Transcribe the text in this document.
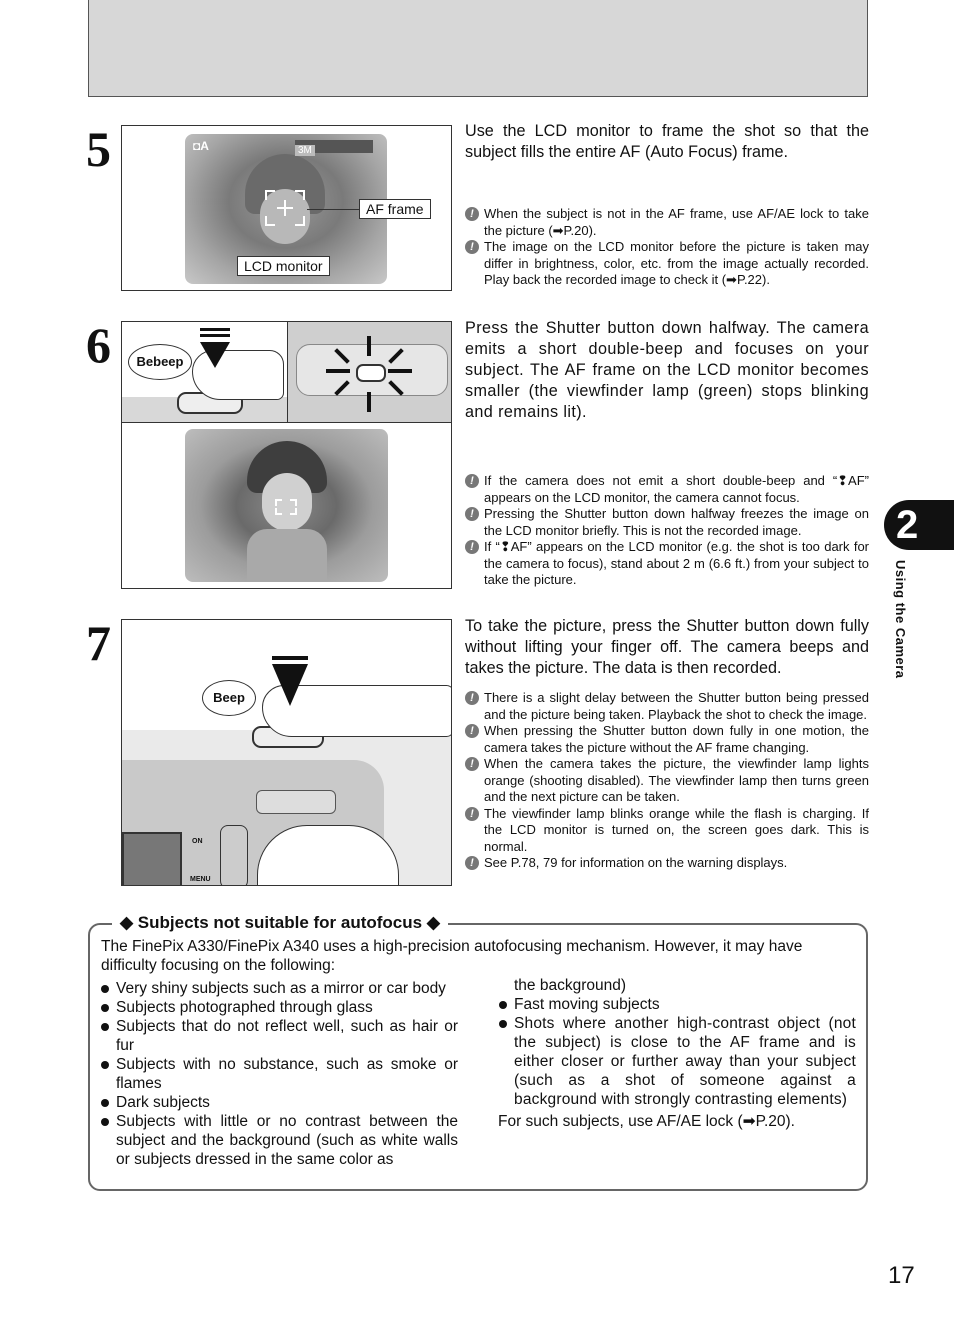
5	◘A	3M
AF frame
LCD monitor
Use the LCD monitor to frame the shot so that the subject fills the entire AF (Auto Focus) frame.
! When the subject is not in the AF frame, use AF/AE lock to take the picture (➡P.20).
! The image on the LCD monitor before the picture is taken may differ in brightness, color, etc. from the image actually recorded. Play back the recorded image to check it (➡P.22).
6	Bebeep
Press the Shutter button down halfway. The camera emits a short double-beep and focuses on your subject. The AF frame on the LCD monitor becomes smaller (the viewfinder lamp (green) stops blinking and remains lit).
! If the camera does not emit a short double-beep and “❢AF” appears on the LCD monitor, the camera cannot focus.
! Pressing the Shutter button down halfway freezes the image on the LCD monitor briefly. This is not the recorded image.
! If “❢AF” appears on the LCD monitor (e.g. the shot is too dark for the camera to focus), stand about 2 m (6.6 ft.) from your subject to take the picture.
7
Beep
ON
MENU
To take the picture, press the Shutter button down fully without lifting your finger off. The camera beeps and takes the picture. The data is then recorded.
! There is a slight delay between the Shutter button being pressed and the picture being taken. Playback the shot to check the image.
! When pressing the Shutter button down fully in one motion, the camera takes the picture without the AF frame changing.
! When the camera takes the picture, the viewfinder lamp lights orange (shooting disabled). The viewfinder lamp then turns green and the next picture can be taken.
! The viewfinder lamp blinks orange while the flash is charging. If the LCD monitor is turned on, the screen goes dark. This is normal.
! See P.78, 79 for information on the warning displays.
2
Using the Camera
◆ Subjects not suitable for autofocus ◆
The FinePix A330/FinePix A340 uses a high-precision autofocusing mechanism. However, it may have difficulty focusing on the following:
Very shiny subjects such as a mirror or car body
Subjects photographed through glass
Subjects that do not reflect well, such as hair or fur
Subjects with no substance, such as smoke or flames
Dark subjects
Subjects with little or no contrast between the subject and the background (such as white walls or subjects dressed in the same color as
the background)
Fast moving subjects
Shots where another high-contrast object (not the subject) is close to the AF frame and is either closer or further away than your subject (such as a shot of someone against a background with strongly contrasting elements)
For such subjects, use AF/AE lock (➡P.20).
17
